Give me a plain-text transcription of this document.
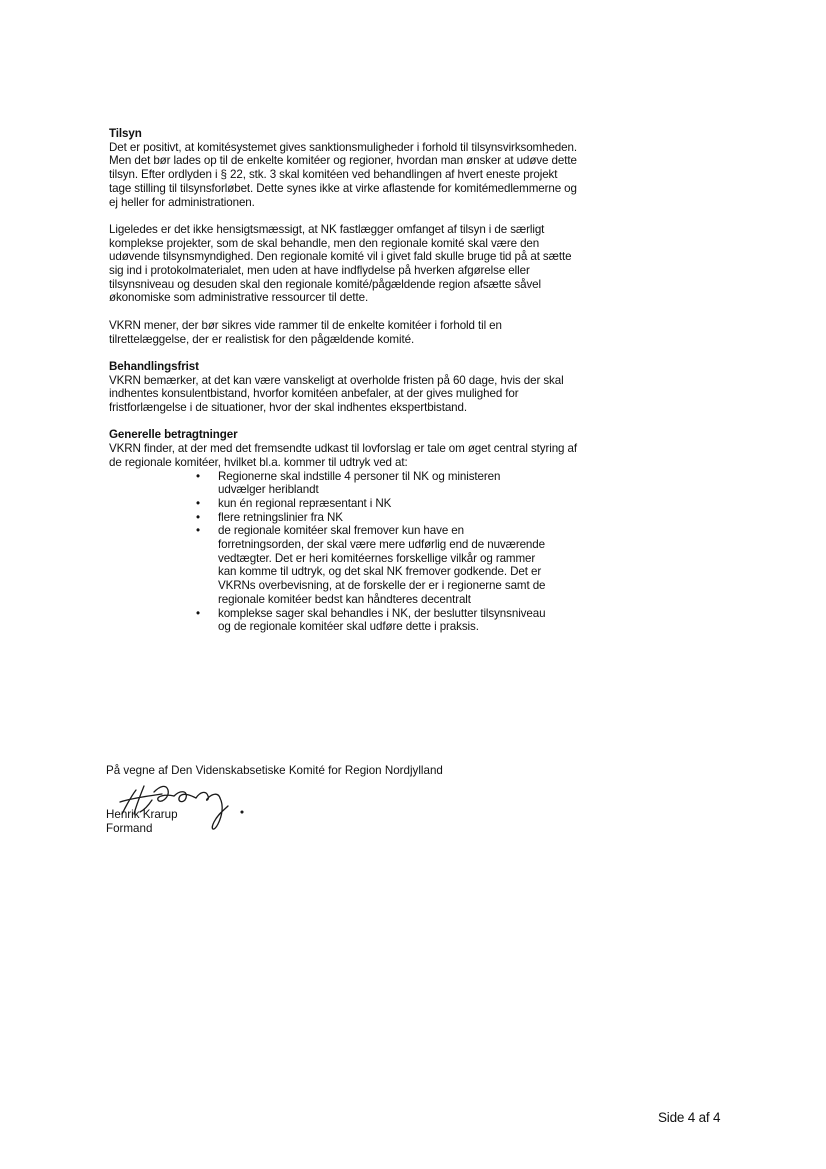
Tilsyn

Det er positivt, at komitésystemet gives sanktionsmuligheder i forhold til tilsynsvirksomheden. Men det bør lades op til de enkelte komitéer og regioner, hvordan man ønsker at udøve dette tilsyn. Efter ordlyden i § 22, stk. 3 skal komitéen ved behandlingen af hvert eneste projekt tage stilling til tilsynsforløbet. Dette synes ikke at virke aflastende for komitémedlemmerne og ej heller for administrationen.

Ligeledes er det ikke hensigtsmæssigt, at NK fastlægger omfanget af tilsyn i de særligt komplekse projekter, som de skal behandle, men den regionale komité skal være den udøvende tilsynsmyndighed. Den regionale komité vil i givet fald skulle bruge tid på at sætte sig ind i protokolmaterialet, men uden at have indflydelse på hverken afgørelse eller tilsynsniveau og desuden skal den regionale komité/pågældende region afsætte såvel økonomiske som administrative ressourcer til dette.

VKRN mener, der bør sikres vide rammer til de enkelte komitéer i forhold til en tilrettelæggelse, der er realistisk for den pågældende komité.

Behandlingsfrist

VKRN bemærker, at det kan være vanskeligt at overholde fristen på 60 dage, hvis der skal indhentes konsulentbistand, hvorfor komitéen anbefaler, at der gives mulighed for fristforlængelse i de situationer, hvor der skal indhentes ekspertbistand.

Generelle betragtninger

VKRN finder, at der med det fremsendte udkast til lovforslag er tale om øget central styring af de regionale komitéer, hvilket bl.a. kommer til udtryk ved at:

•	Regionerne skal indstille 4 personer til NK og ministeren udvælger heriblandt
•	kun én regional repræsentant i NK
•	flere retningslinier fra NK
•	de regionale komitéer skal fremover kun have en forretningsorden, der skal være mere udførlig end de nuværende vedtægter. Det er heri komitéernes forskellige vilkår og rammer kan komme til udtryk, og det skal NK fremover godkende. Det er VKRNs overbevisning, at de forskelle der er i regionerne samt de regionale komitéer bedst kan håndteres decentralt
•	komplekse sager skal behandles i NK, der beslutter tilsynsniveau og de regionale komitéer skal udføre dette i praksis.
På vegne af Den Videnskabsetiske Komité for Region Nordjylland
Henrik Krarup
Formand
Side 4 af 4
